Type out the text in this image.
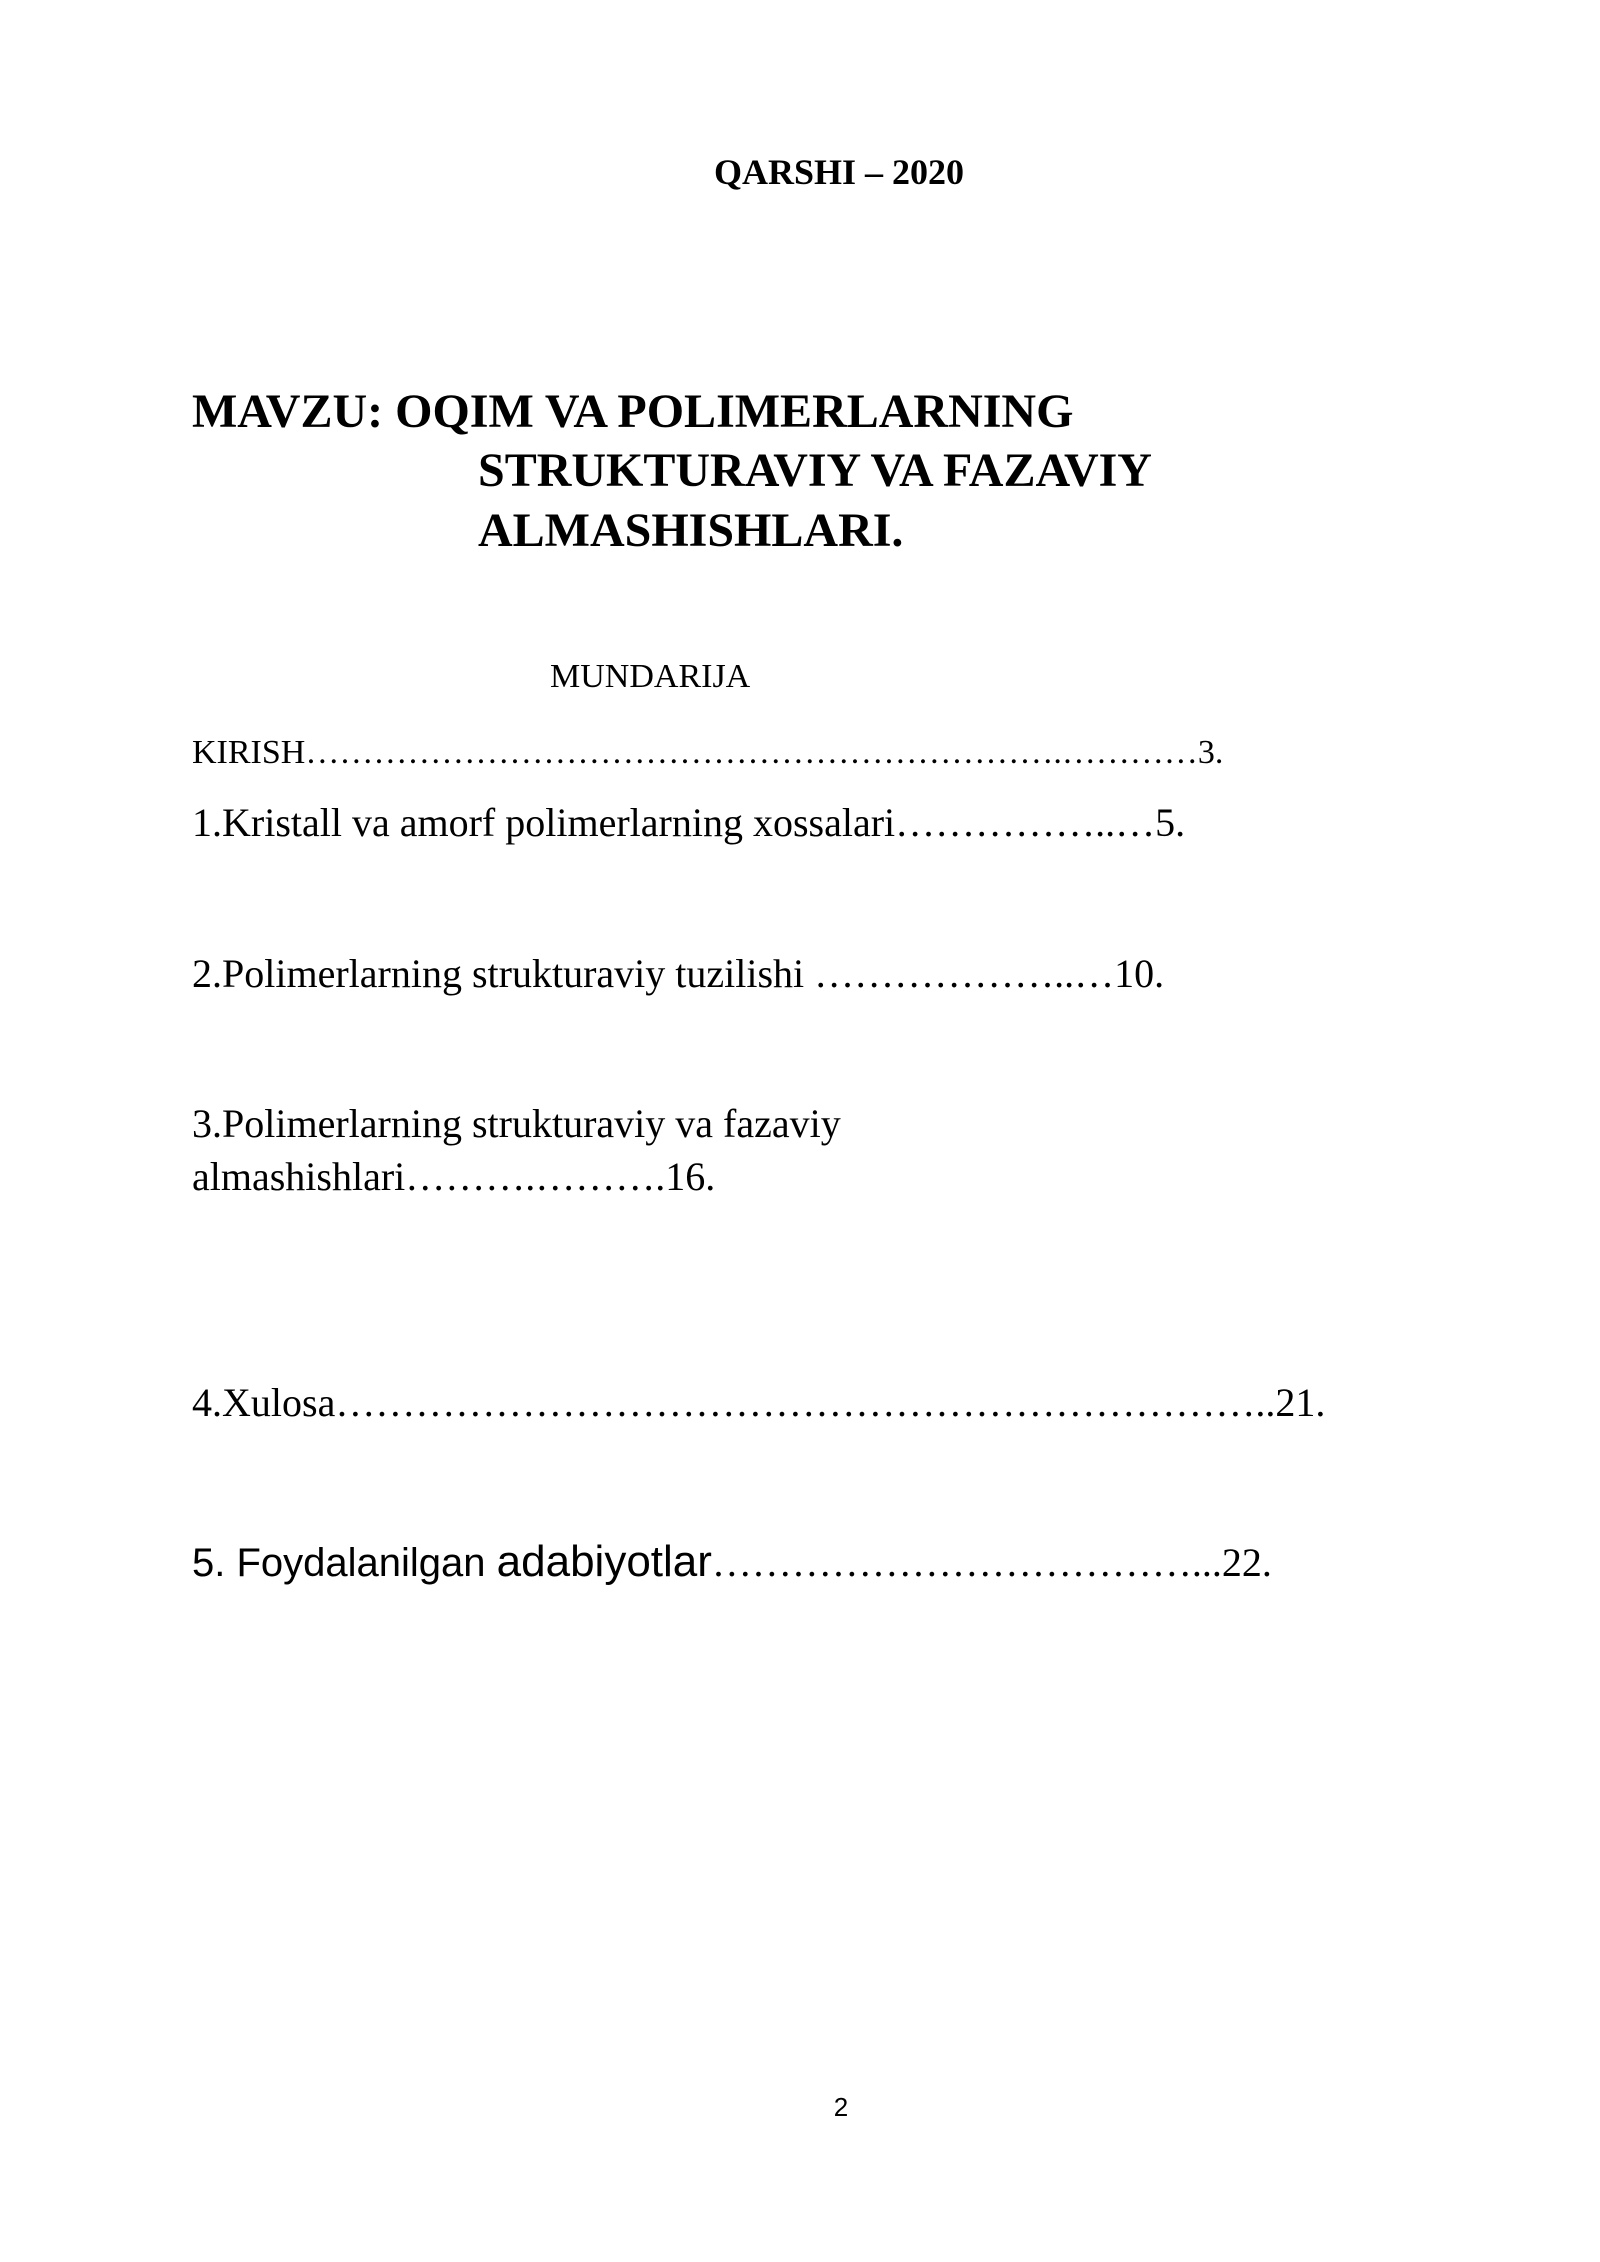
QARSHI – 2020
MAVZU: OQIM VA POLIMERLARNING
STRUKTURAVIY VA FAZAVIY
ALMASHISHLARI.
MUNDARIJA
KIRISH………………………………………………………….…………3.
1.Kristall va amorf polimerlarning xossalari……………..…5.
2.Polimerlarning strukturaviy tuzilishi ………………..…10.
3.Polimerlarning strukturaviy va fazaviy
almashishlari……….……….16.
4.Xulosa……………………………………………………………..21.
5. Foydalanilgan adabiyotlar………………………………...22.
2
